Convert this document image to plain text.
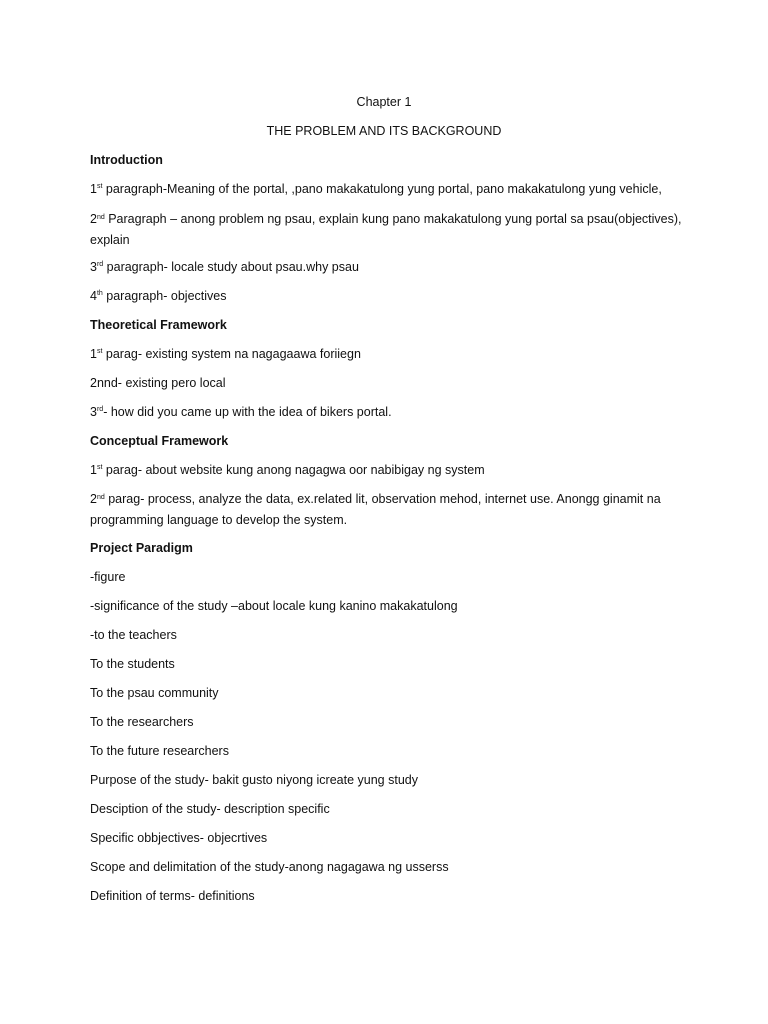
Chapter 1
THE PROBLEM AND ITS BACKGROUND
Introduction
1st paragraph-Meaning of the portal, ,pano makakatulong yung portal, pano makakatulong yung vehicle,
2nd Paragraph – anong problem ng psau, explain kung pano makakatulong yung portal sa psau(objectives), explain
3rd paragraph- locale study about psau.why psau
4th paragraph- objectives
Theoretical Framework
1st parag- existing system na nagagaawa foriiegn
2nnd- existing pero local
3rd- how did you came up with the idea of bikers portal.
Conceptual Framework
1st parag- about website kung anong nagagwa oor nabibigay ng system
2nd parag- process, analyze the data, ex.related lit, observation mehod, internet use. Anongg ginamit na programming language to develop the system.
Project Paradigm
-figure
-significance of the study –about locale kung kanino makakatulong
-to the teachers
To the students
To the psau community
To the researchers
To the future researchers
Purpose of the study- bakit gusto niyong icreate yung study
Desciption of the study- description specific
Specific obbjectives- objecrtives
Scope and delimitation of the study-anong nagagawa ng usserss
Definition of terms- definitions
